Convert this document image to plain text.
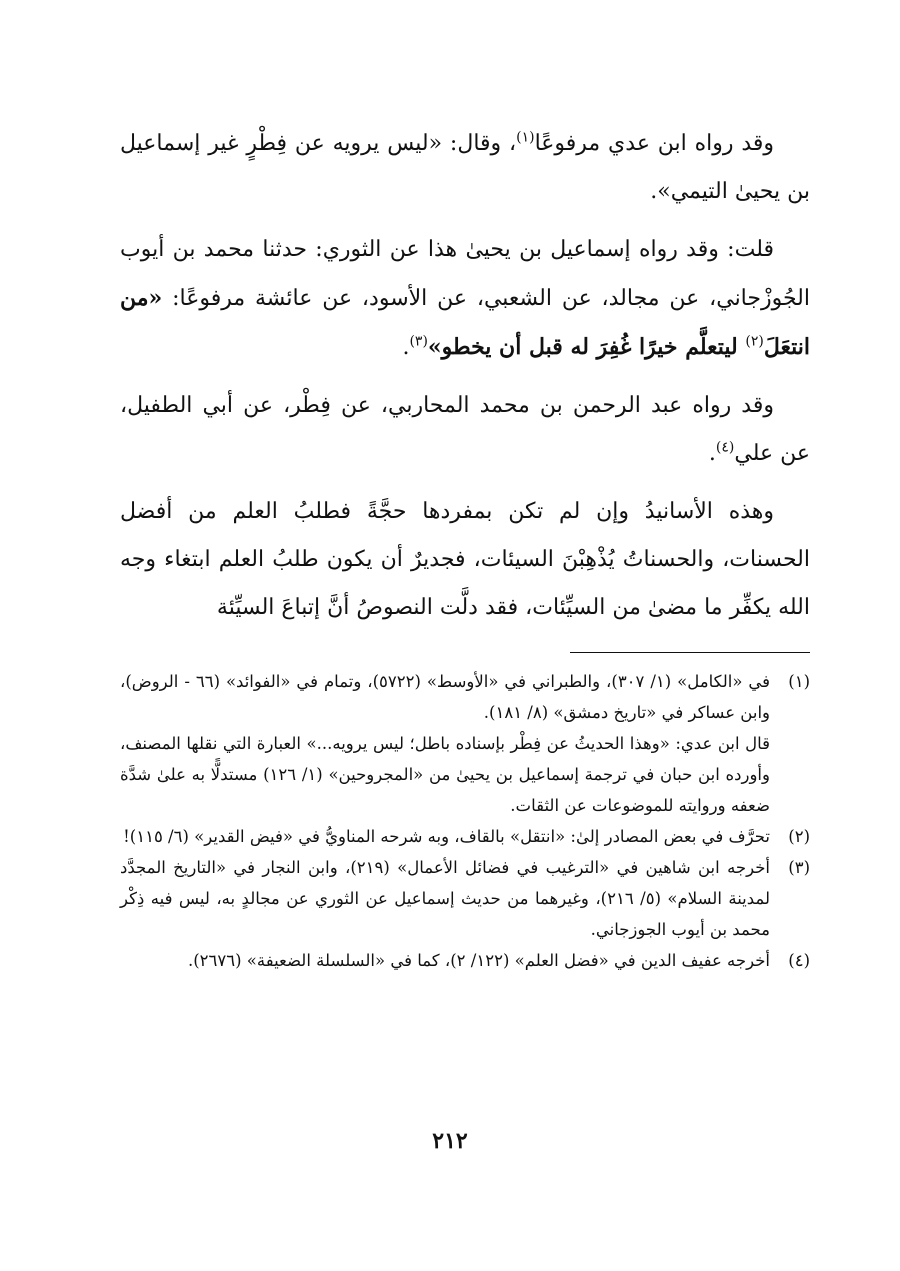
وقد رواه ابن عدي مرفوعًا$^{(١)}$، وقال: «ليس يرويه عن فِطْرٍ غير إسماعيل بن يحيىٰ التيمي».

قلت: وقد رواه إسماعيل بن يحيىٰ هذا عن الثوري: حدثنا محمد بن أيوب الجُوزْجاني، عن مجالد، عن الشعبي، عن الأسود، عن عائشة مرفوعًا: «من انتعَلَ$^{(٢)}$ ليتعلَّم خيرًا غُفِرَ له قبل أن يخطو»$^{(٣)}$.

وقد رواه عبد الرحمن بن محمد المحاربي، عن فِطْر، عن أبي الطفيل، عن علي$^{(٤)}$.

وهذه الأسانيدُ وإن لم تكن بمفردها حجَّةً فطلبُ العلم من أفضل الحسنات، والحسناتُ يُذْهِبْنَ السيئات، فجديرٌ أن يكون طلبُ العلم ابتغاء وجه الله يكفِّر ما مضىٰ من السيِّئات، فقد دلَّت النصوصُ أنَّ إتباعَ السيِّئة

(١)
في «الكامل» (١/ ٣٠٧)، والطبراني في «الأوسط» (٥٧٢٢)، وتمام في «الفوائد» (٦٦ - الروض)، وابن عساكر في «تاريخ دمشق» (٨/ ١٨١).
قال ابن عدي: «وهذا الحديثُ عن فِطْر بإسناده باطل؛ ليس يرويه...» العبارة التي نقلها المصنف، وأورده ابن حبان في ترجمة إسماعيل بن يحيىٰ من «المجروحين» (١/ ١٢٦) مستدلًّا به علىٰ شدَّة ضعفه وروايته للموضوعات عن الثقات.
(٢)
تحرَّف في بعض المصادر إلىٰ: «انتقل» بالقاف، وبه شرحه المناويُّ في «فيض القدير» (٦/ ١١٥)!
(٣)
أخرجه ابن شاهين في «الترغيب في فضائل الأعمال» (٢١٩)، وابن النجار في «التاريخ المجدَّد لمدينة السلام» (٥/ ٢١٦)، وغيرهما من حديث إسماعيل عن الثوري عن مجالدٍ به، ليس فيه ذِكْر محمد بن أيوب الجوزجاني.
(٤)
أخرجه عفيف الدين في «فضل العلم» (١٢٢/ ٢)، كما في «السلسلة الضعيفة» (٢٦٧٦).
٢١٢
